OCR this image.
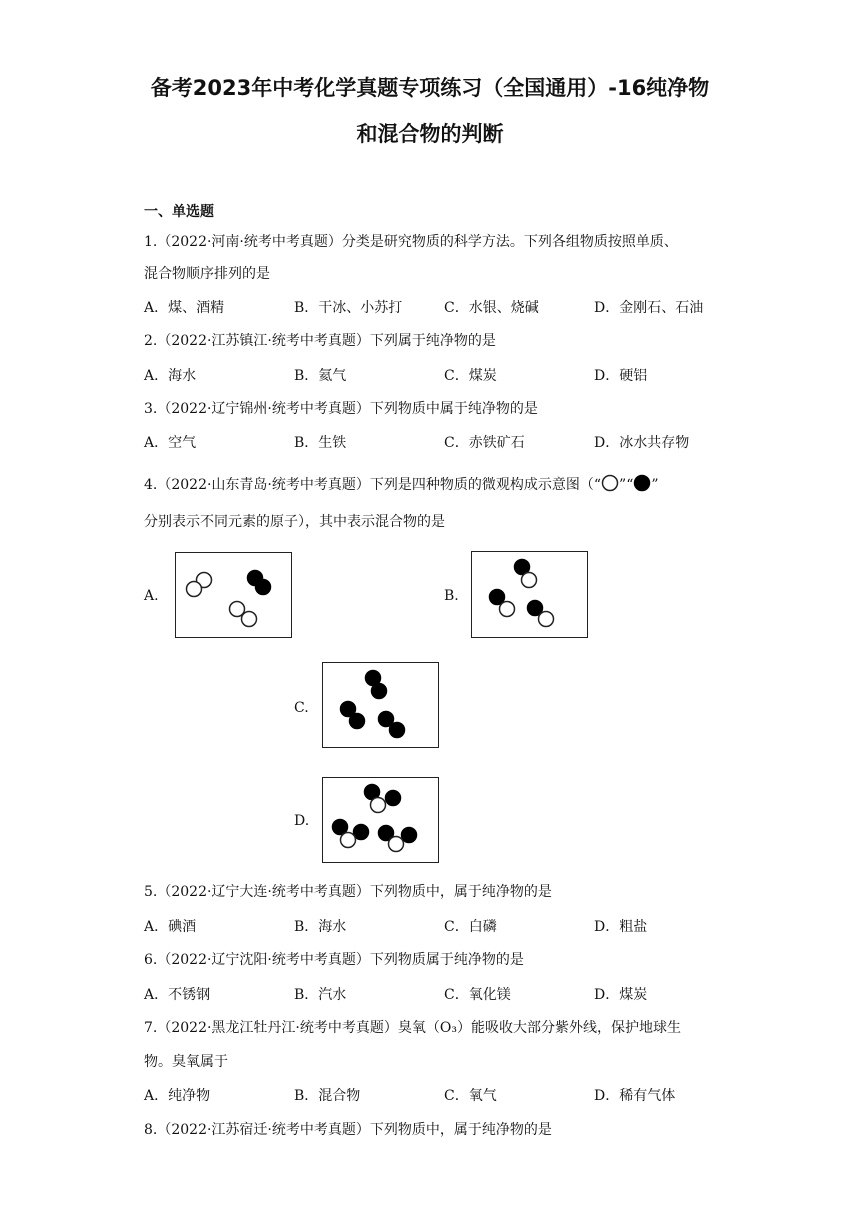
备考2023年中考化学真题专项练习（全国通用）-16纯净物
和混合物的判断
一、单选题
1.（2022·河南·统考中考真题）分类是研究物质的科学方法。下列各组物质按照单质、
混合物顺序排列的是
A．煤、酒精	B．干冰、小苏打	C．水银、烧碱	D．金刚石、石油
2.（2022·江苏镇江·统考中考真题）下列属于纯净物的是
A．海水	B．氦气	C．煤炭	D．硬铝
3.（2022·辽宁锦州·统考中考真题）下列物质中属于纯净物的是
A．空气	B．生铁	C．赤铁矿石	D．冰水共存物
4.（2022·山东青岛·统考中考真题）下列是四种物质的微观构成示意图（“ ”“ ”
分别表示不同元素的原子），其中表示混合物的是
A.	B.
C.
D.
5.（2022·辽宁大连·统考中考真题）下列物质中，属于纯净物的是
A．碘酒	B．海水	C．白磷	D．粗盐
6.（2022·辽宁沈阳·统考中考真题）下列物质属于纯净物的是
A．不锈钢	B．汽水	C．氧化镁	D．煤炭
7.（2022·黑龙江牡丹江·统考中考真题）臭氧（O₃）能吸收大部分紫外线，保护地球生
物。臭氧属于
A．纯净物	B．混合物	C．氧气	D．稀有气体
8.（2022·江苏宿迁·统考中考真题）下列物质中，属于纯净物的是
